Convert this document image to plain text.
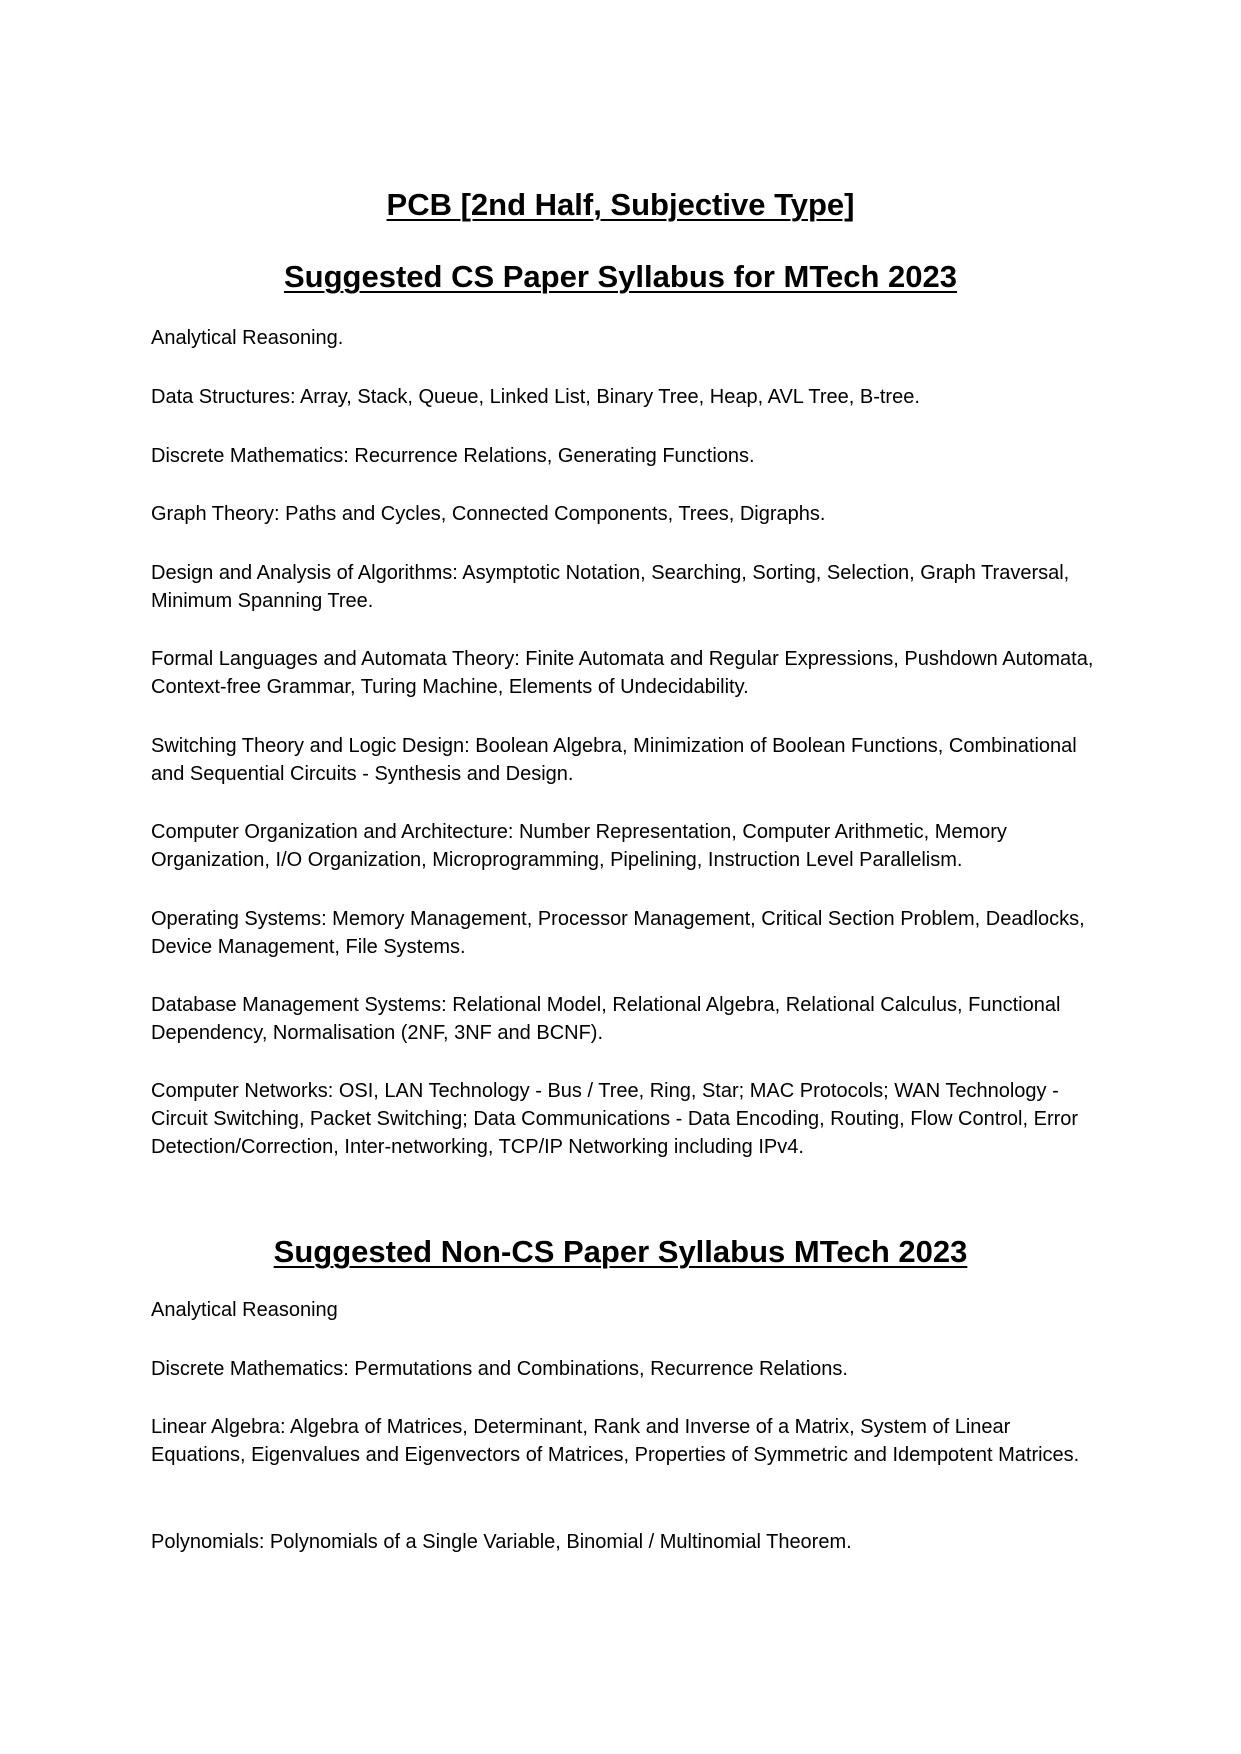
PCB [2nd Half, Subjective Type]
Suggested CS Paper Syllabus for MTech 2023

Analytical Reasoning.

Data Structures: Array, Stack, Queue, Linked List, Binary Tree, Heap, AVL Tree, B-tree.

Discrete Mathematics: Recurrence Relations, Generating Functions.

Graph Theory: Paths and Cycles, Connected Components, Trees, Digraphs.

Design and Analysis of Algorithms: Asymptotic Notation, Searching, Sorting, Selection, Graph Traversal, Minimum Spanning Tree.

Formal Languages and Automata Theory: Finite Automata and Regular Expressions, Pushdown Automata, Context-free Grammar, Turing Machine, Elements of Undecidability.

Switching Theory and Logic Design: Boolean Algebra, Minimization of Boolean Functions, Combinational and Sequential Circuits - Synthesis and Design.

Computer Organization and Architecture: Number Representation, Computer Arithmetic, Memory Organization, I/O Organization, Microprogramming, Pipelining, Instruction Level Parallelism.

Operating Systems: Memory Management, Processor Management, Critical Section Problem, Deadlocks, Device Management, File Systems.

Database Management Systems: Relational Model, Relational Algebra, Relational Calculus, Functional Dependency, Normalisation (2NF, 3NF and BCNF).

Computer Networks: OSI, LAN Technology - Bus / Tree, Ring, Star; MAC Protocols; WAN Technology - Circuit Switching, Packet Switching; Data Communications - Data Encoding, Routing, Flow Control, Error Detection/Correction, Inter-networking, TCP/IP Networking including IPv4.

Suggested Non-CS Paper Syllabus MTech 2023

Analytical Reasoning

Discrete Mathematics: Permutations and Combinations, Recurrence Relations.

Linear Algebra: Algebra of Matrices, Determinant, Rank and Inverse of a Matrix, System of Linear Equations, Eigenvalues and Eigenvectors of Matrices, Properties of Symmetric and Idempotent Matrices.

Polynomials: Polynomials of a Single Variable, Binomial / Multinomial Theorem.
